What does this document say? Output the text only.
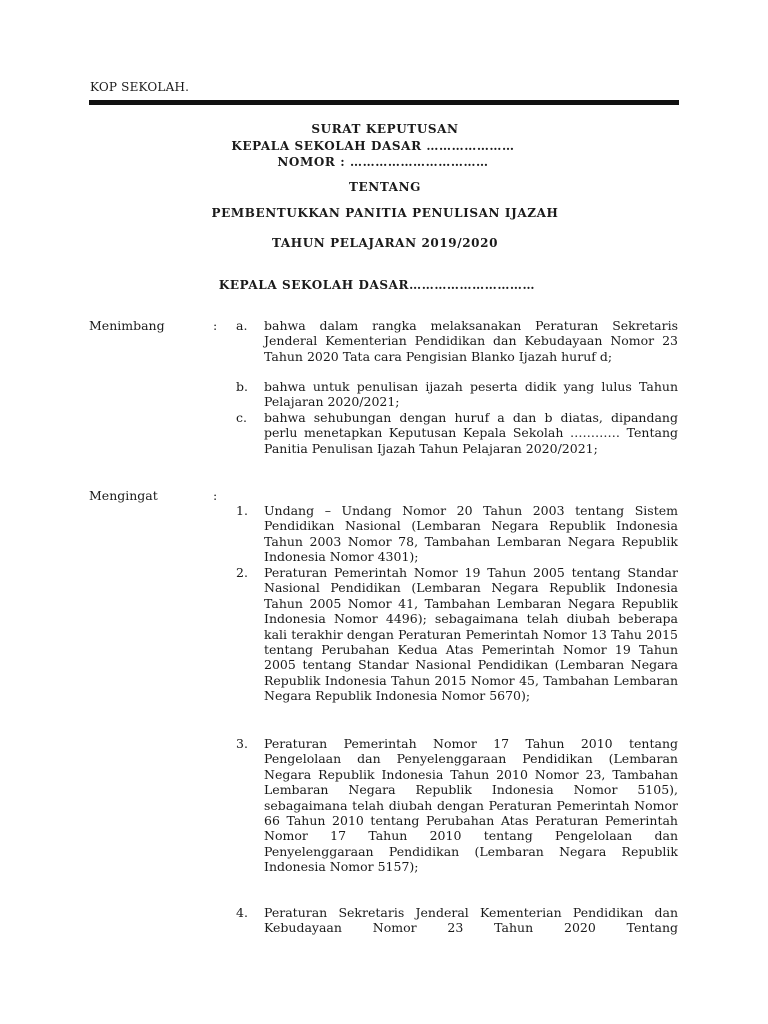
KOP SEKOLAH.
SURAT KEPUTUSAN
KEPALA SEKOLAH DASAR …………………
NOMOR : ……………………………
TENTANG
PEMBENTUKKAN PANITIA PENULISAN IJAZAH
TAHUN PELAJARAN 2019/2020
KEPALA SEKOLAH DASAR…………………………
Menimbang	: a. bahwa dalam rangka melaksanakan Peraturan Sekretaris Jenderal Kementerian Pendidikan dan Kebudayaan Nomor 23 Tahun 2020 Tata cara Pengisian Blanko Ijazah huruf d;
b. bahwa untuk penulisan ijazah peserta didik yang lulus Tahun Pelajaran 2020/2021;
c. bahwa sehubungan dengan huruf a dan b diatas, dipandang perlu menetapkan Keputusan Kepala Sekolah ………… Tentang Panitia Penulisan Ijazah Tahun Pelajaran 2020/2021;
Mengingat	:
1. Undang – Undang Nomor 20 Tahun 2003 tentang Sistem Pendidikan Nasional (Lembaran Negara Republik Indonesia Tahun 2003 Nomor 78, Tambahan Lembaran Negara Republik Indonesia Nomor 4301);
2. Peraturan Pemerintah Nomor 19 Tahun 2005 tentang Standar Nasional Pendidikan (Lembaran Negara Republik Indonesia Tahun 2005 Nomor 41, Tambahan Lembaran Negara Republik Indonesia Nomor 4496); sebagaimana telah diubah beberapa kali terakhir dengan Peraturan Pemerintah Nomor 13 Tahu 2015 tentang Perubahan Kedua Atas Pemerintah Nomor 19 Tahun 2005 tentang Standar Nasional Pendidikan (Lembaran Negara Republik Indonesia Tahun 2015 Nomor 45, Tambahan Lembaran Negara Republik Indonesia Nomor 5670);
3. Peraturan Pemerintah Nomor 17 Tahun 2010 tentang Pengelolaan dan Penyelenggaraan Pendidikan (Lembaran Negara Republik Indonesia Tahun 2010 Nomor 23, Tambahan Lembaran Negara Republik Indonesia Nomor 5105), sebagaimana telah diubah dengan Peraturan Pemerintah Nomor 66 Tahun 2010 tentang Perubahan Atas Peraturan Pemerintah Nomor 17 Tahun 2010 tentang Pengelolaan dan Penyelenggaraan Pendidikan (Lembaran Negara Republik Indonesia Nomor 5157);
4. Peraturan Sekretaris Jenderal Kementerian Pendidikan dan Kebudayaan Nomor 23 Tahun 2020 Tentang
